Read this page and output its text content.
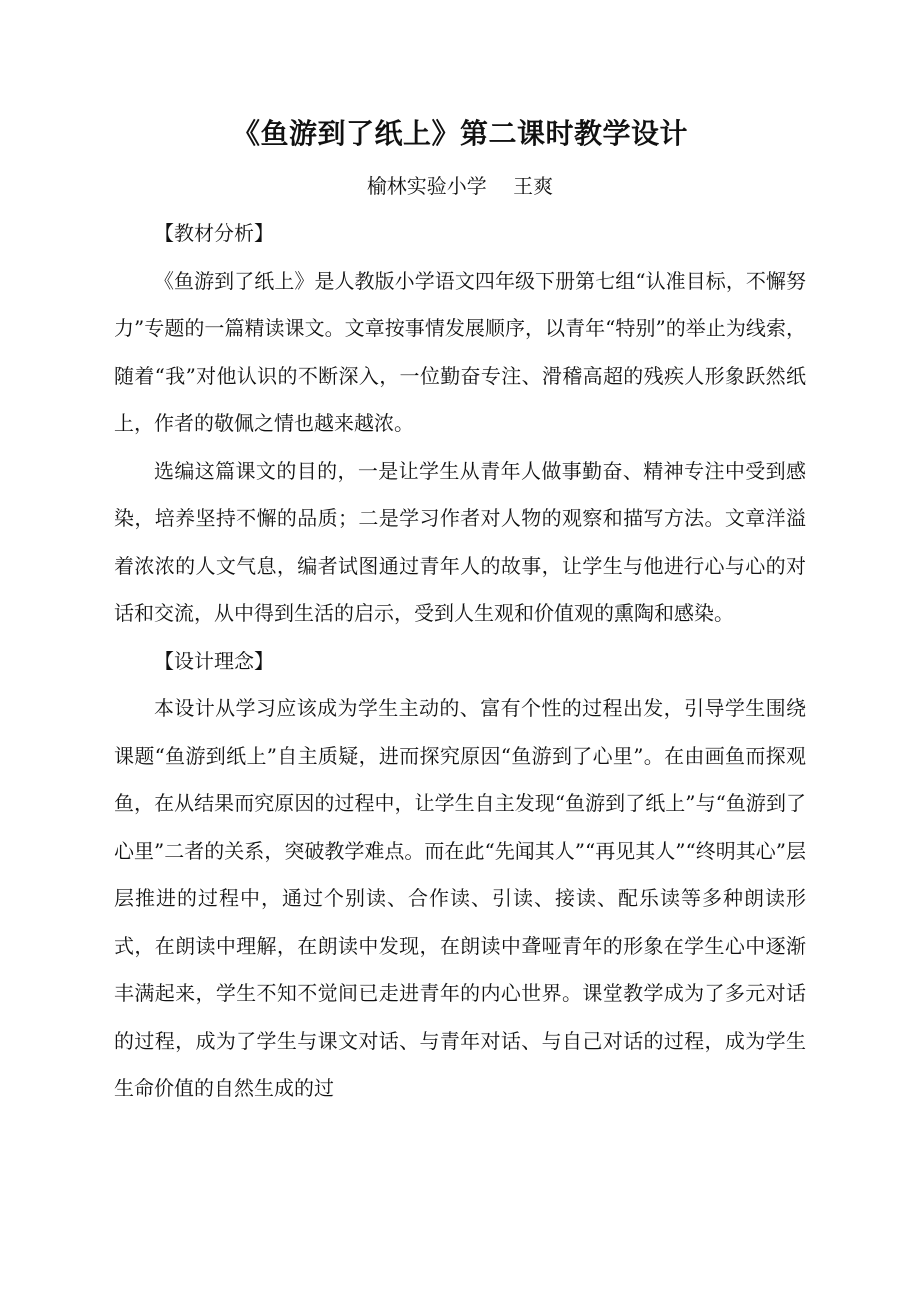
《鱼游到了纸上》第二课时教学设计
榆林实验小学　 王爽

【教材分析】

《鱼游到了纸上》是人教版小学语文四年级下册第七组“认准目标，不懈努力”专题的一篇精读课文。文章按事情发展顺序，以青年“特别”的举止为线索，随着“我”对他认识的不断深入，一位勤奋专注、滑稽高超的残疾人形象跃然纸上，作者的敬佩之情也越来越浓。

选编这篇课文的目的，一是让学生从青年人做事勤奋、精神专注中受到感染，培养坚持不懈的品质；二是学习作者对人物的观察和描写方法。文章洋溢着浓浓的人文气息，编者试图通过青年人的故事，让学生与他进行心与心的对话和交流，从中得到生活的启示，受到人生观和价值观的熏陶和感染。

【设计理念】

本设计从学习应该成为学生主动的、富有个性的过程出发，引导学生围绕课题“鱼游到纸上”自主质疑，进而探究原因“鱼游到了心里”。在由画鱼而探观鱼，在从结果而究原因的过程中，让学生自主发现“鱼游到了纸上”与“鱼游到了心里”二者的关系，突破教学难点。而在此“先闻其人”“再见其人”“终明其心”层层推进的过程中，通过个别读、合作读、引读、接读、配乐读等多种朗读形式，在朗读中理解，在朗读中发现，在朗读中聋哑青年的形象在学生心中逐渐丰满起来，学生不知不觉间已走进青年的内心世界。课堂教学成为了多元对话的过程，成为了学生与课文对话、与青年对话、与自己对话的过程，成为学生生命价值的自然生成的过
